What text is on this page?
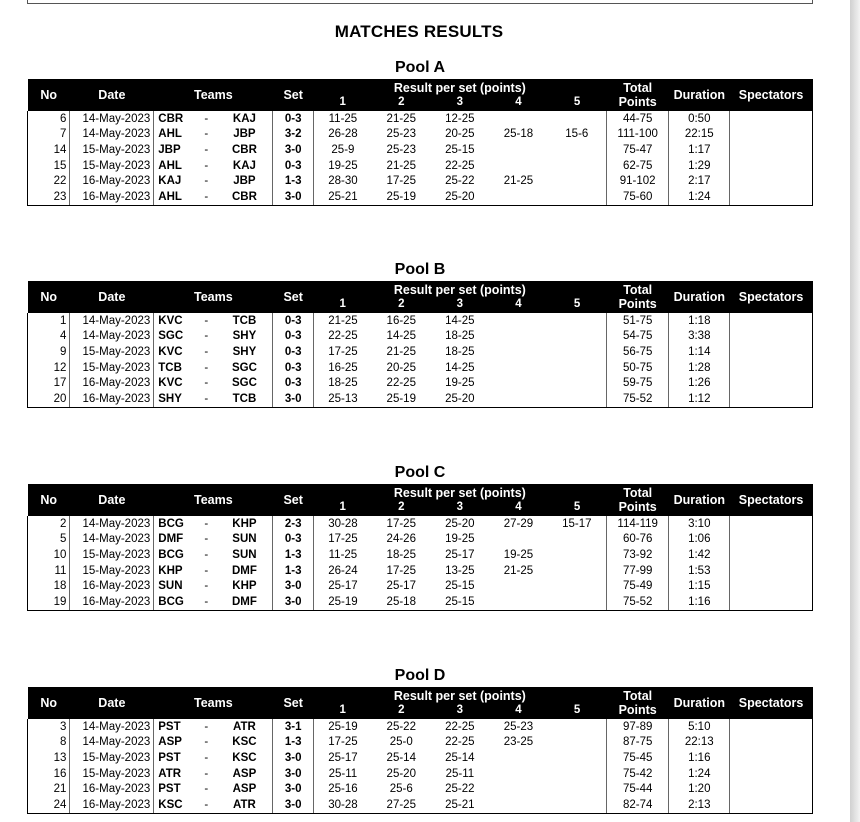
MATCHES RESULTS
Pool A
No	Date	Teams			Set	Result per set (points)					Total	Duration	Spectators
						1	2	3	4	5	Points		
6	14-May-2023	CBR	-	KAJ	0-3	11-25	21-25	12-25			44-75	0:50	
7	14-May-2023	AHL	-	JBP	3-2	26-28	25-23	20-25	25-18	15-6	111-100	22:15	
14	15-May-2023	JBP	-	CBR	3-0	25-9	25-23	25-15			75-47	1:17	
15	15-May-2023	AHL	-	KAJ	0-3	19-25	21-25	22-25			62-75	1:29	
22	16-May-2023	KAJ	-	JBP	1-3	28-30	17-25	25-22	21-25		91-102	2:17	
23	16-May-2023	AHL	-	CBR	3-0	25-21	25-19	25-20			75-60	1:24	
Pool B
No	Date	Teams			Set	Result per set (points)					Total	Duration	Spectators
						1	2	3	4	5	Points		
1	14-May-2023	KVC	-	TCB	0-3	21-25	16-25	14-25			51-75	1:18	
4	14-May-2023	SGC	-	SHY	0-3	22-25	14-25	18-25			54-75	3:38	
9	15-May-2023	KVC	-	SHY	0-3	17-25	21-25	18-25			56-75	1:14	
12	15-May-2023	TCB	-	SGC	0-3	16-25	20-25	14-25			50-75	1:28	
17	16-May-2023	KVC	-	SGC	0-3	18-25	22-25	19-25			59-75	1:26	
20	16-May-2023	SHY	-	TCB	3-0	25-13	25-19	25-20			75-52	1:12	
Pool C
No	Date	Teams			Set	Result per set (points)					Total	Duration	Spectators
						1	2	3	4	5	Points		
2	14-May-2023	BCG	-	KHP	2-3	30-28	17-25	25-20	27-29	15-17	114-119	3:10	
5	14-May-2023	DMF	-	SUN	0-3	17-25	24-26	19-25			60-76	1:06	
10	15-May-2023	BCG	-	SUN	1-3	11-25	18-25	25-17	19-25		73-92	1:42	
11	15-May-2023	KHP	-	DMF	1-3	26-24	17-25	13-25	21-25		77-99	1:53	
18	16-May-2023	SUN	-	KHP	3-0	25-17	25-17	25-15			75-49	1:15	
19	16-May-2023	BCG	-	DMF	3-0	25-19	25-18	25-15			75-52	1:16	
Pool D
No	Date	Teams			Set	Result per set (points)					Total	Duration	Spectators
						1	2	3	4	5	Points		
3	14-May-2023	PST	-	ATR	3-1	25-19	25-22	22-25	25-23		97-89	5:10	
8	14-May-2023	ASP	-	KSC	1-3	17-25	25-0	22-25	23-25		87-75	22:13	
13	15-May-2023	PST	-	KSC	3-0	25-17	25-14	25-14			75-45	1:16	
16	15-May-2023	ATR	-	ASP	3-0	25-11	25-20	25-11			75-42	1:24	
21	16-May-2023	PST	-	ASP	3-0	25-16	25-6	25-22			75-44	1:20	
24	16-May-2023	KSC	-	ATR	3-0	30-28	27-25	25-21			82-74	2:13	
